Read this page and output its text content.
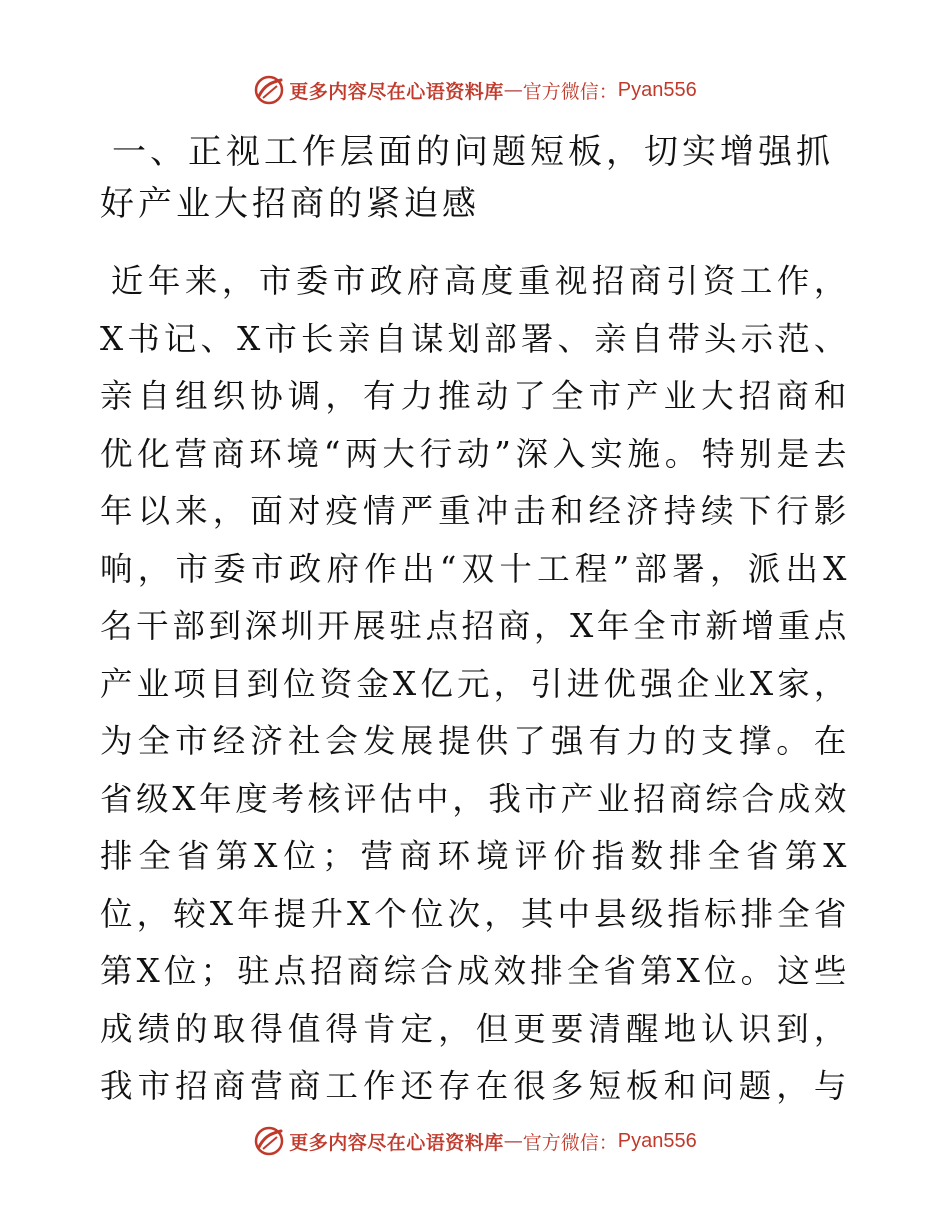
更多内容尽在心语资料库 — 官方微信： Pyan556
一、正视工作层面的问题短板，切实增强抓好产业大招商的紧迫感

近年来，市委市政府高度重视招商引资工作，X书记、X市长亲自谋划部署、亲自带头示范、亲自组织协调，有力推动了全市产业大招商和优化营商环境“两大行动”深入实施。特别是去年以来，面对疫情严重冲击和经济持续下行影响，市委市政府作出“双十工程”部署，派出X名干部到深圳开展驻点招商，X年全市新增重点产业项目到位资金X亿元，引进优强企业X家，为全市经济社会发展提供了强有力的支撑。在省级X年度考核评估中，我市产业招商综合成效排全省第X位；营商环境评价指数排全省第X位，较X年提升X个位次，其中县级指标排全省第X位；驻点招商综合成效排全省第X位。这些成绩的取得值得肯定，但更要清醒地认识到，我市招商营商工作还存在很多短板和问题，与

更多内容尽在心语资料库 — 官方微信： Pyan556
